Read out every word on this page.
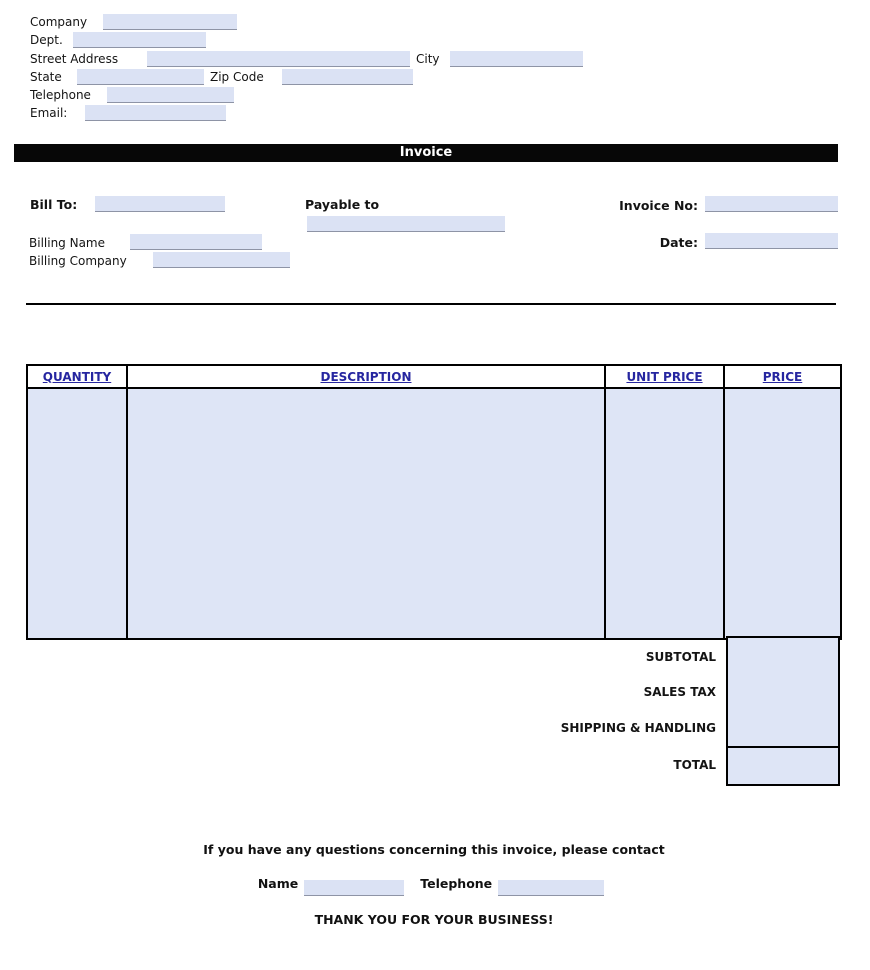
Company
Dept.
Street Address	City
State	Zip Code
Telephone
Email:
Invoice
Bill To:	Payable to	Invoice No:
Date:
Billing Name
Billing Company
QUANTITY	DESCRIPTION	UNIT PRICE	PRICE
SUBTOTAL
SALES TAX
SHIPPING & HANDLING
TOTAL
If you have any questions concerning this invoice, please contact
Name	Telephone
THANK YOU FOR YOUR BUSINESS!
